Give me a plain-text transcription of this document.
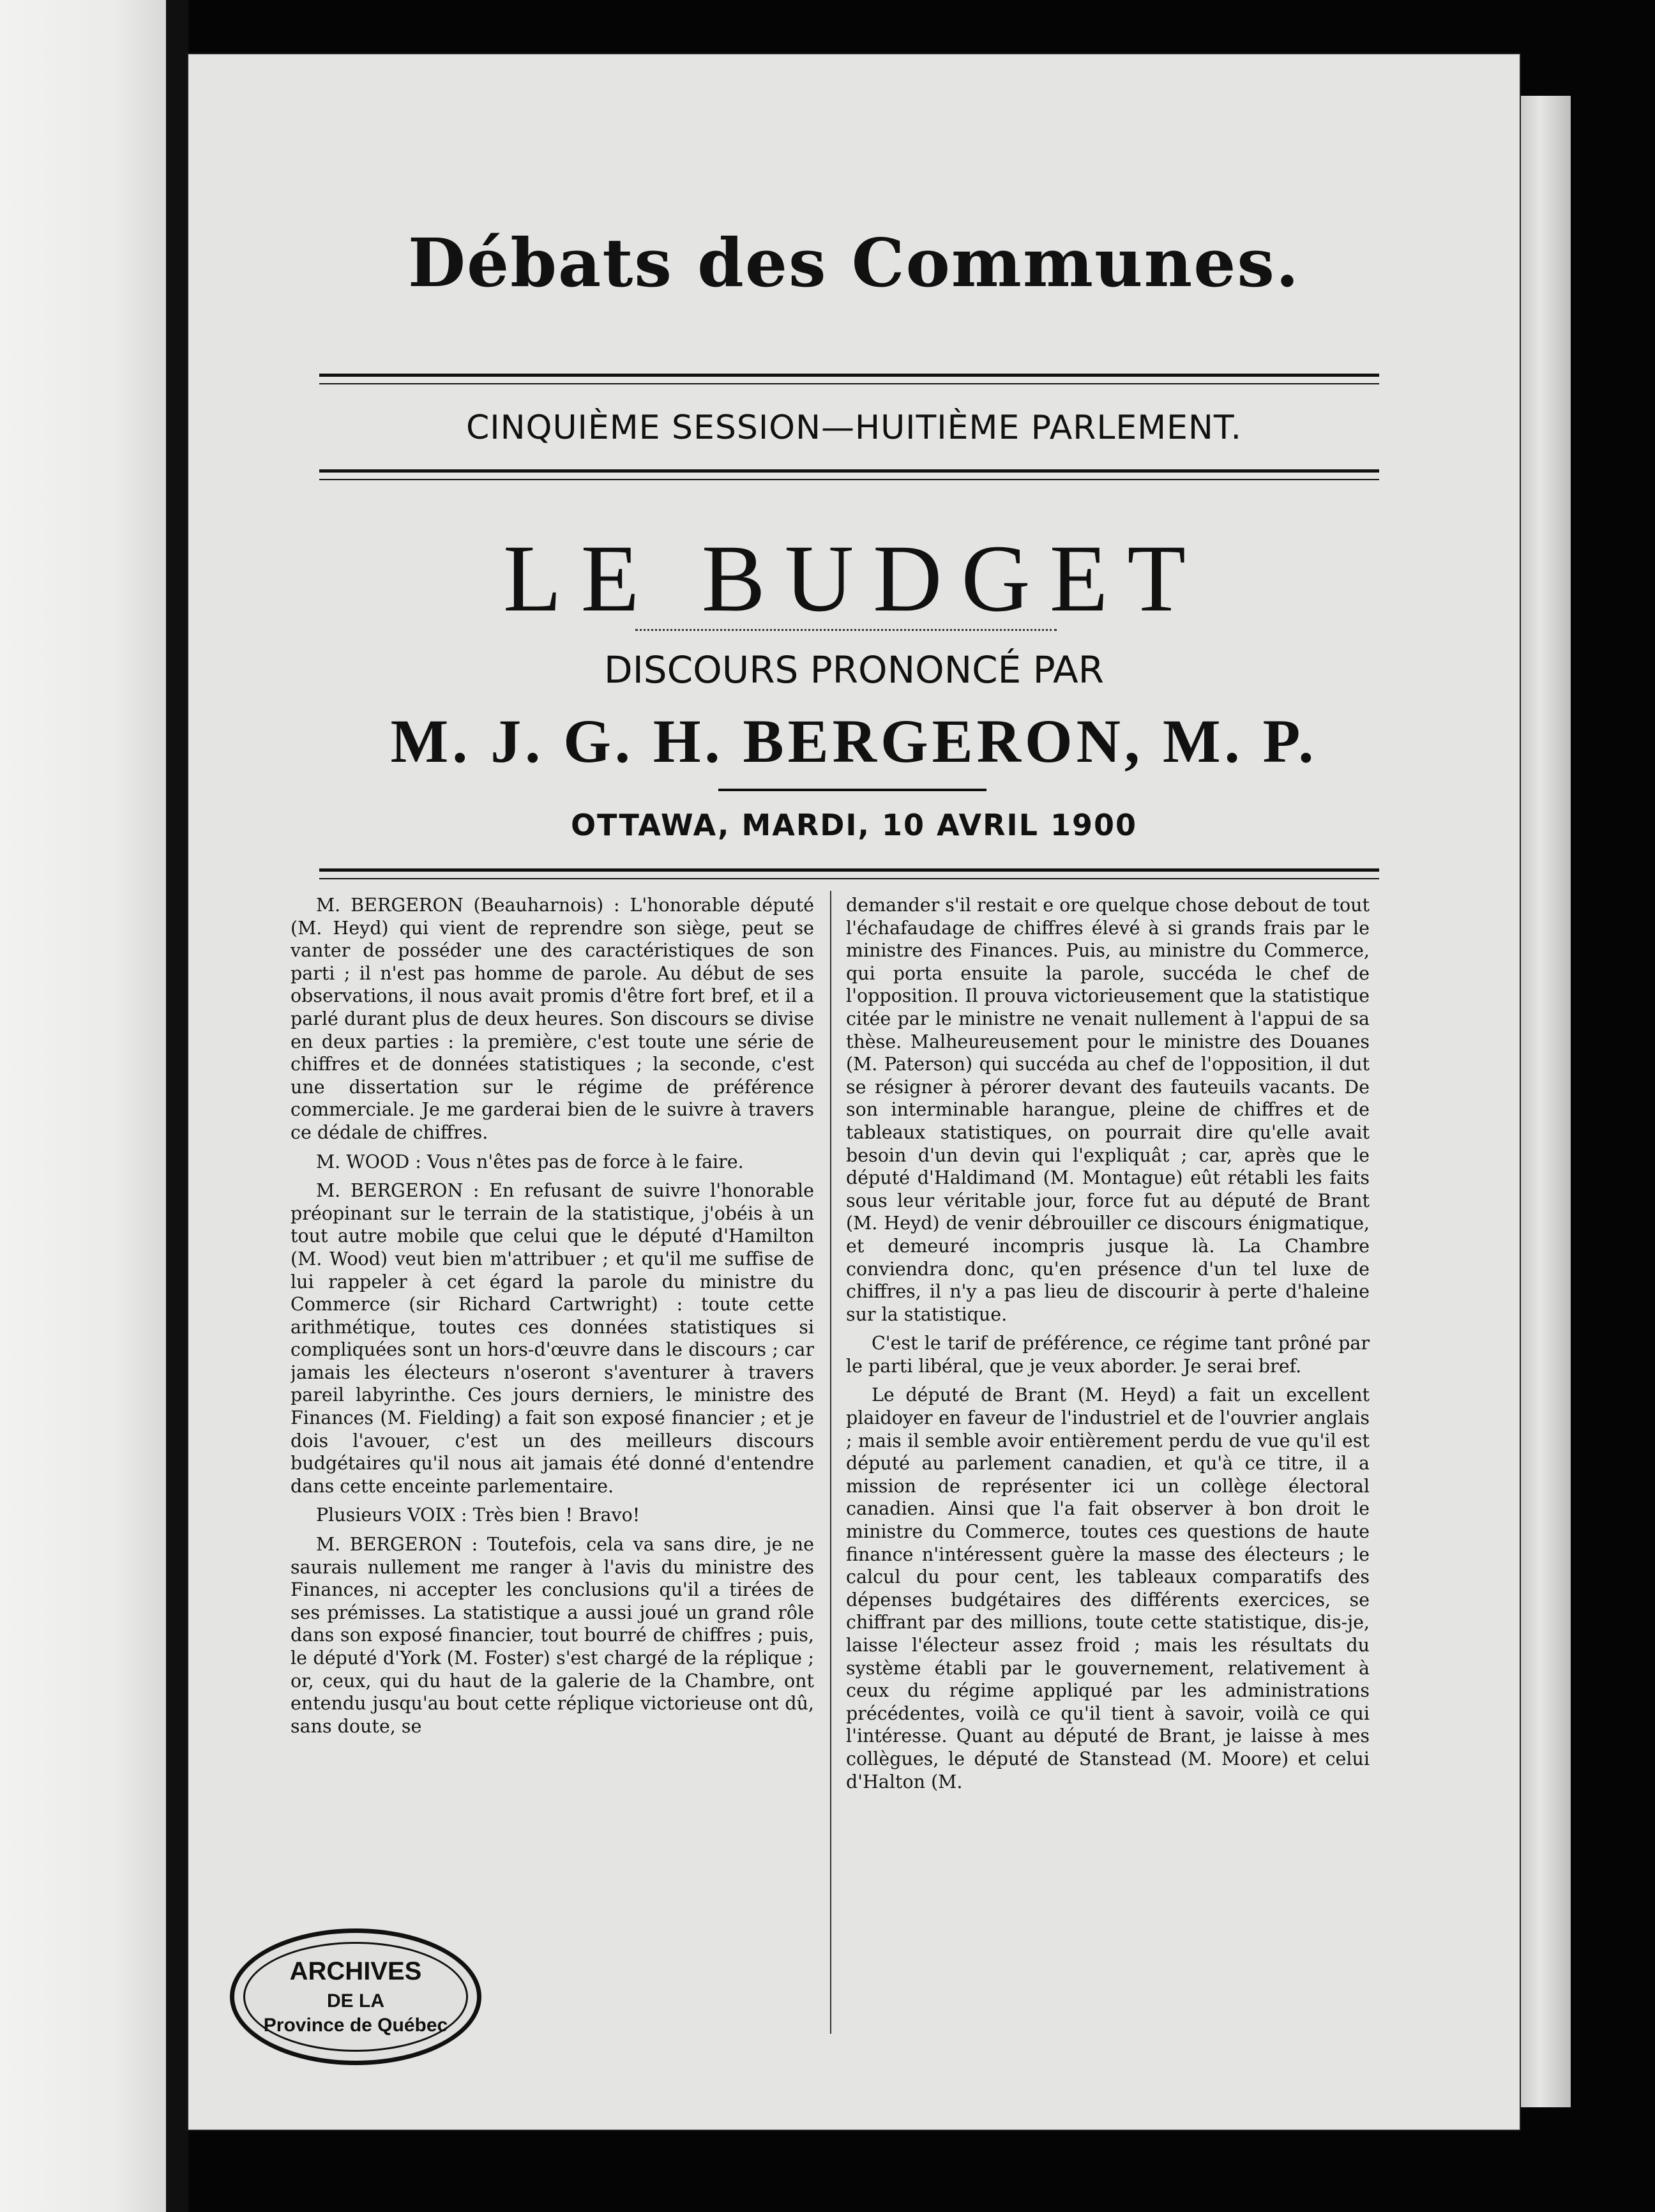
Débats des Communes.
CINQUIÈME SESSION—HUITIÈME PARLEMENT.
LE BUDGET
DISCOURS PRONONCÉ PAR
M. J. G. H. BERGERON, M. P.
OTTAWA, MARDI, 10 AVRIL 1900

M. BERGERON (Beauharnois) : L'honorable député (M. Heyd) qui vient de reprendre son siège, peut se vanter de posséder une des caractéristiques de son parti ; il n'est pas homme de parole. Au début de ses observations, il nous avait promis d'être fort bref, et il a parlé durant plus de deux heures. Son discours se divise en deux parties : la première, c'est toute une série de chiffres et de données statistiques ; la seconde, c'est une dissertation sur le régime de préférence commerciale. Je me garderai bien de le suivre à travers ce dédale de chiffres.

M. WOOD : Vous n'êtes pas de force à le faire.

M. BERGERON : En refusant de suivre l'honorable préopinant sur le terrain de la statistique, j'obéis à un tout autre mobile que celui que le député d'Hamilton (M. Wood) veut bien m'attribuer ; et qu'il me suffise de lui rappeler à cet égard la parole du ministre du Commerce (sir Richard Cartwright) : toute cette arithmétique, toutes ces données statistiques si compliquées sont un hors-d'œuvre dans le discours ; car jamais les électeurs n'oseront s'aventurer à travers pareil labyrinthe. Ces jours derniers, le ministre des Finances (M. Fielding) a fait son exposé financier ; et je dois l'avouer, c'est un des meilleurs discours budgétaires qu'il nous ait jamais été donné d'entendre dans cette enceinte parlementaire.

Plusieurs VOIX : Très bien ! Bravo!

M. BERGERON : Toutefois, cela va sans dire, je ne saurais nullement me ranger à l'avis du ministre des Finances, ni accepter les conclusions qu'il a tirées de ses prémisses. La statistique a aussi joué un grand rôle dans son exposé financier, tout bourré de chiffres ; puis, le député d'York (M. Foster) s'est chargé de la réplique ; or, ceux, qui du haut de la galerie de la Chambre, ont entendu jusqu'au bout cette réplique victorieuse ont dû, sans doute, se

demander s'il restait e ore quelque chose debout de tout l'échafaudage de chiffres élevé à si grands frais par le ministre des Finances. Puis, au ministre du Commerce, qui porta ensuite la parole, succéda le chef de l'opposition. Il prouva victorieusement que la statistique citée par le ministre ne venait nullement à l'appui de sa thèse. Malheureusement pour le ministre des Douanes (M. Paterson) qui succéda au chef de l'opposition, il dut se résigner à pérorer devant des fauteuils vacants. De son interminable harangue, pleine de chiffres et de tableaux statistiques, on pourrait dire qu'elle avait besoin d'un devin qui l'expliquât ; car, après que le député d'Haldimand (M. Montague) eût rétabli les faits sous leur véritable jour, force fut au député de Brant (M. Heyd) de venir débrouiller ce discours énigmatique, et demeuré incompris jusque là. La Chambre conviendra donc, qu'en présence d'un tel luxe de chiffres, il n'y a pas lieu de discourir à perte d'haleine sur la statistique.

C'est le tarif de préférence, ce régime tant prôné par le parti libéral, que je veux aborder. Je serai bref.

Le député de Brant (M. Heyd) a fait un excellent plaidoyer en faveur de l'industriel et de l'ouvrier anglais ; mais il semble avoir entièrement perdu de vue qu'il est député au parlement canadien, et qu'à ce titre, il a mission de représenter ici un collège électoral canadien. Ainsi que l'a fait observer à bon droit le ministre du Commerce, toutes ces questions de haute finance n'intéressent guère la masse des électeurs ; le calcul du pour cent, les tableaux comparatifs des dépenses budgétaires des différents exercices, se chiffrant par des millions, toute cette statistique, dis-je, laisse l'électeur assez froid ; mais les résultats du système établi par le gouvernement, relativement à ceux du régime appliqué par les administrations précédentes, voilà ce qu'il tient à savoir, voilà ce qui l'intéresse. Quant au député de Brant, je laisse à mes collègues, le député de Stanstead (M. Moore) et celui d'Halton (M.

ARCHIVES
DE LA
Province de Québec
